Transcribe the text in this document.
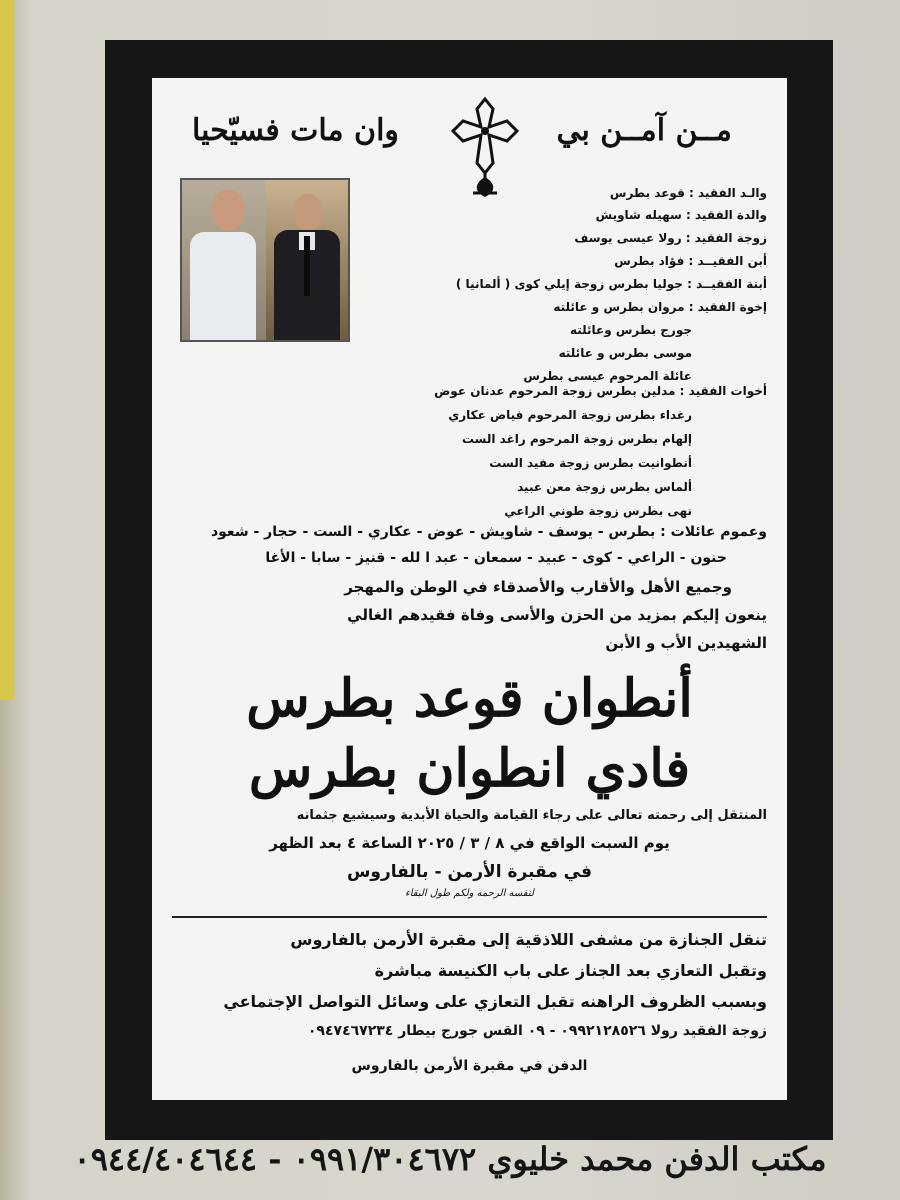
مــن آمــن بي
وان مات فسيّحيا
والـد الفقيد : قوعد بطرس
والدة الفقيد : سهيله شاويش
زوجة الفقيد : رولا عيسى يوسف
أبن الفقيــد : فؤاد بطرس
أبنة الفقيــد : جوليا بطرس زوجة إيلي كوى ( ألمانيا )
إخوة الفقيد : مروان بطرس و عائلته
جورج بطرس وعائلته
موسى بطرس و عائلته
عائلة المرحوم عيسى بطرس
أخوات الفقيد : مدلين بطرس زوجة المرحوم عدنان عوض
رغداء بطرس زوجة المرحوم فياض عكاري
إلهام بطرس زوجة المرحوم راغد الست
أنطوانيت بطرس زوجة مفيد الست
ألماس بطرس زوجة معن عبيد
نهى بطرس زوجة طوني الراعي
وعموم عائلات : بطرس - يوسف - شاويش - عوض - عكاري - الست - حجار - شعود
حنون - الراعي - كوى - عبيد - سمعان - عبد ا لله - قنيز - سابا - الأغا
وجميع الأهل والأقارب والأصدقاء في الوطن والمهجر
ينعون إليكم بمزيد من الحزن والأسى وفاة فقيدهم الغالي
الشهيدين الأب و الأبن
أنطوان قوعد بطرس
فادي انطوان بطرس
المنتقل إلى رحمته تعالى على رجاء القيامة والحياة الأبدية وسيشيع جثمانه
يوم السبت الواقع في ٨ / ٣ / ٢٠٢٥ الساعة ٤ بعد الظهر
في مقبرة الأرمن - بالفاروس
لنفسه الرحمه ولكم طول البقاء
تنقل الجنازة من مشفى اللاذقية إلى مقبرة الأرمن بالفاروس
وتقبل التعازي بعد الجناز على باب الكنيسة مباشرة
وبسبب الظروف الراهنه تقبل التعازي على وسائل التواصل الإجتماعي
زوجة الفقيد رولا ٠٩٩٢١٢٨٥٢٦ - ٠٩ القس جورج بيطار ٠٩٤٧٤٦٧٢٣٤
الدفن في مقبرة الأرمن بالفاروس
مكتب الدفن محمد خليوي ٠٩٩١/٣٠٤٦٧٢ - ٠٩٤٤/٤٠٤٦٤٤
